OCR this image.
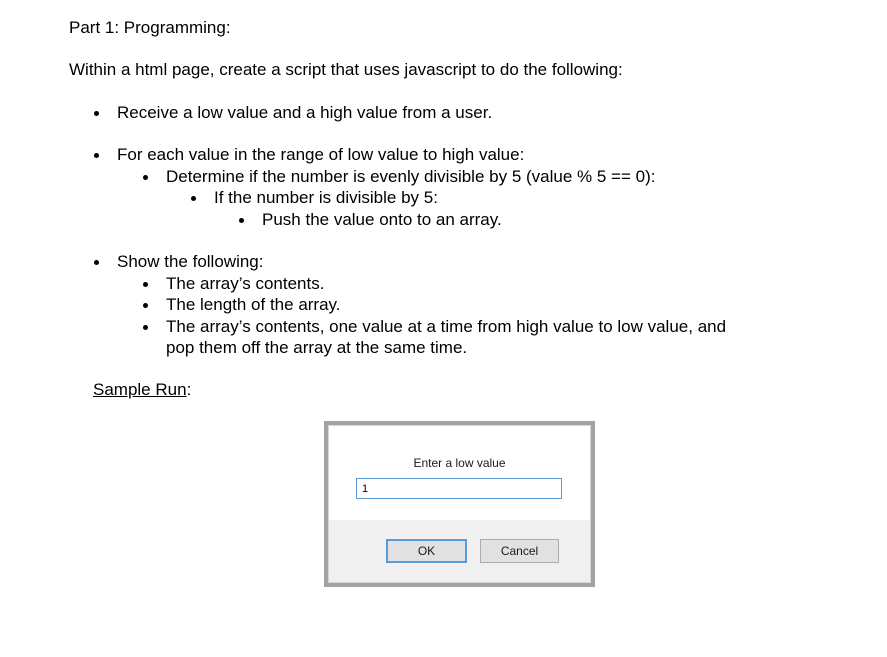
Part 1: Programming:
Within a html page, create a script that uses javascript to do the following:
Receive a low value and a high value from a user.
For each value in the range of low value to high value:
Determine if the number is evenly divisible by 5 (value % 5 == 0):
If the number is divisible by 5:
Push the value onto to an array.
Show the following:
The array’s contents.
The length of the array.
The array’s contents, one value at a time from high value to low value, and
pop them off the array at the same time.
Sample Run:
Enter a low value
1
OK	Cancel
